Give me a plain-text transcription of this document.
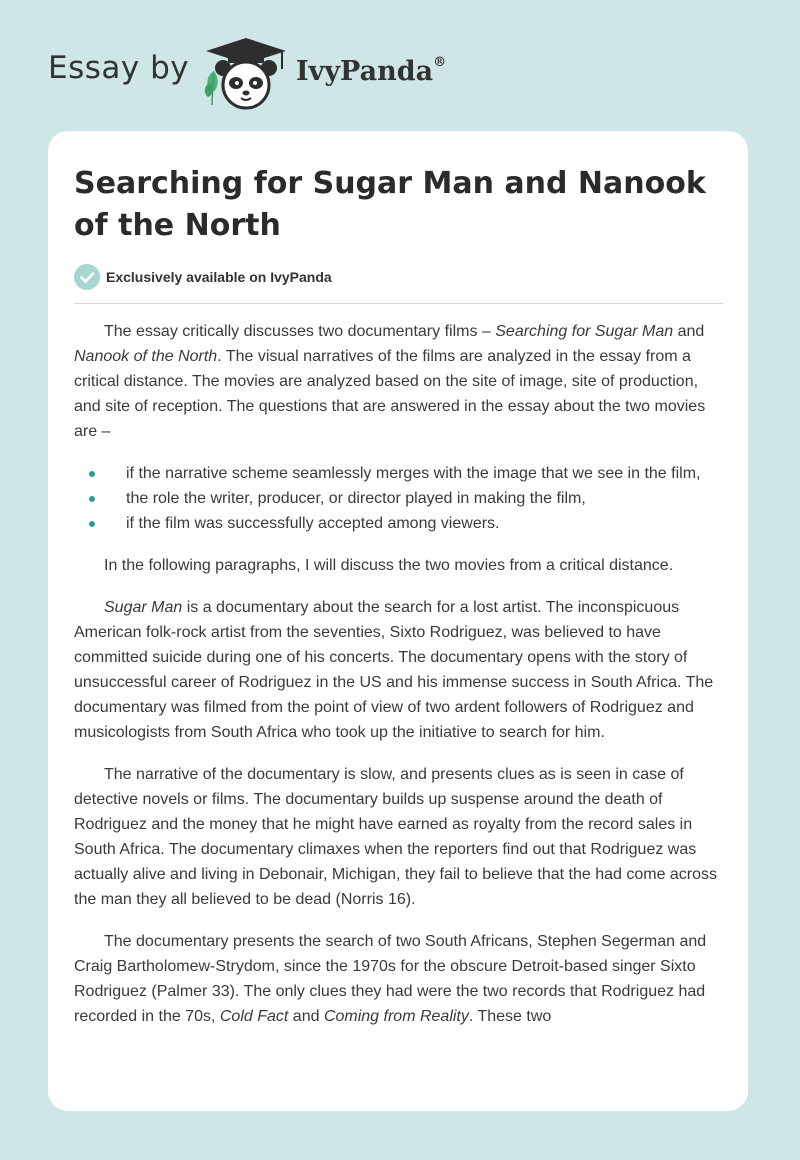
Essay by	IvyPanda®
Searching for Sugar Man and Nanook of the North
Exclusively available on IvyPanda

The essay critically discusses two documentary films – Searching for Sugar Man and Nanook of the North. The visual narratives of the films are analyzed in the essay from a critical distance. The movies are analyzed based on the site of image, site of production, and site of reception. The questions that are answered in the essay about the two movies are –

if the narrative scheme seamlessly merges with the image that we see in the film,
the role the writer, producer, or director played in making the film,
if the film was successfully accepted among viewers.

In the following paragraphs, I will discuss the two movies from a critical distance.

Sugar Man is a documentary about the search for a lost artist. The inconspicuous American folk-rock artist from the seventies, Sixto Rodriguez, was believed to have committed suicide during one of his concerts. The documentary opens with the story of unsuccessful career of Rodriguez in the US and his immense success in South Africa. The documentary was filmed from the point of view of two ardent followers of Rodriguez and musicologists from South Africa who took up the initiative to search for him.

The narrative of the documentary is slow, and presents clues as is seen in case of detective novels or films. The documentary builds up suspense around the death of Rodriguez and the money that he might have earned as royalty from the record sales in South Africa. The documentary climaxes when the reporters find out that Rodriguez was actually alive and living in Debonair, Michigan, they fail to believe that the had come across the man they all believed to be dead (Norris 16).

The documentary presents the search of two South Africans, Stephen Segerman and Craig Bartholomew-Strydom, since the 1970s for the obscure Detroit-based singer Sixto Rodriguez (Palmer 33). The only clues they had were the two records that Rodriguez had recorded in the 70s, Cold Fact and Coming from Reality. These two
